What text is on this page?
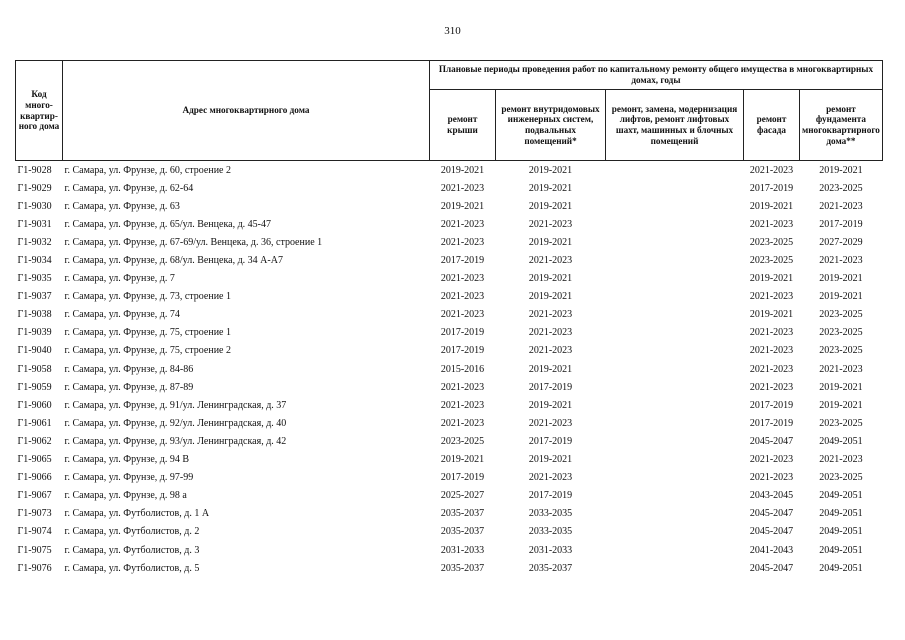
310
Код много-квартир-ного дома	Адрес многоквартирного дома	Плановые периоды проведения работ по капитальному ремонту общего имущества в многоквартирных домах, годы				
		ремонт крыши	ремонт внутридомовых инженерных систем, подвальных помещений*	ремонт, замена, модернизация лифтов, ремонт лифтовых шахт, машинных и блочных помещений	ремонт фасада	ремонт фундамента многоквартирного дома**
Г1-9028	г. Самара, ул. Фрунзе, д. 60, строение 2	2019-2021	2019-2021		2021-2023	2019-2021
Г1-9029	г. Самара, ул. Фрунзе, д. 62-64	2021-2023	2019-2021		2017-2019	2023-2025
Г1-9030	г. Самара, ул. Фрунзе, д. 63	2019-2021	2019-2021		2019-2021	2021-2023
Г1-9031	г. Самара, ул. Фрунзе, д. 65/ул. Венцека, д. 45-47	2021-2023	2021-2023		2021-2023	2017-2019
Г1-9032	г. Самара, ул. Фрунзе, д. 67-69/ул. Венцека, д. 36, строение 1	2021-2023	2019-2021		2023-2025	2027-2029
Г1-9034	г. Самара, ул. Фрунзе, д. 68/ул. Венцека, д. 34 А-А7	2017-2019	2021-2023		2023-2025	2021-2023
Г1-9035	г. Самара, ул. Фрунзе, д. 7	2021-2023	2019-2021		2019-2021	2019-2021
Г1-9037	г. Самара, ул. Фрунзе, д. 73, строение 1	2021-2023	2019-2021		2021-2023	2019-2021
Г1-9038	г. Самара, ул. Фрунзе, д. 74	2021-2023	2021-2023		2019-2021	2023-2025
Г1-9039	г. Самара, ул. Фрунзе, д. 75, строение 1	2017-2019	2021-2023		2021-2023	2023-2025
Г1-9040	г. Самара, ул. Фрунзе, д. 75, строение 2	2017-2019	2021-2023		2021-2023	2023-2025
Г1-9058	г. Самара, ул. Фрунзе, д. 84-86	2015-2016	2019-2021		2021-2023	2021-2023
Г1-9059	г. Самара, ул. Фрунзе, д. 87-89	2021-2023	2017-2019		2021-2023	2019-2021
Г1-9060	г. Самара, ул. Фрунзе, д. 91/ул. Ленинградская, д. 37	2021-2023	2019-2021		2017-2019	2019-2021
Г1-9061	г. Самара, ул. Фрунзе, д. 92/ул. Ленинградская, д. 40	2021-2023	2021-2023		2017-2019	2023-2025
Г1-9062	г. Самара, ул. Фрунзе, д. 93/ул. Ленинградская, д. 42	2023-2025	2017-2019		2045-2047	2049-2051
Г1-9065	г. Самара, ул. Фрунзе, д. 94 В	2019-2021	2019-2021		2021-2023	2021-2023
Г1-9066	г. Самара, ул. Фрунзе, д. 97-99	2017-2019	2021-2023		2021-2023	2023-2025
Г1-9067	г. Самара, ул. Фрунзе, д. 98 а	2025-2027	2017-2019		2043-2045	2049-2051
Г1-9073	г. Самара, ул. Футболистов, д. 1 А	2035-2037	2033-2035		2045-2047	2049-2051
Г1-9074	г. Самара, ул. Футболистов, д. 2	2035-2037	2033-2035		2045-2047	2049-2051
Г1-9075	г. Самара, ул. Футболистов, д. 3	2031-2033	2031-2033		2041-2043	2049-2051
Г1-9076	г. Самара, ул. Футболистов, д. 5	2035-2037	2035-2037		2045-2047	2049-2051
